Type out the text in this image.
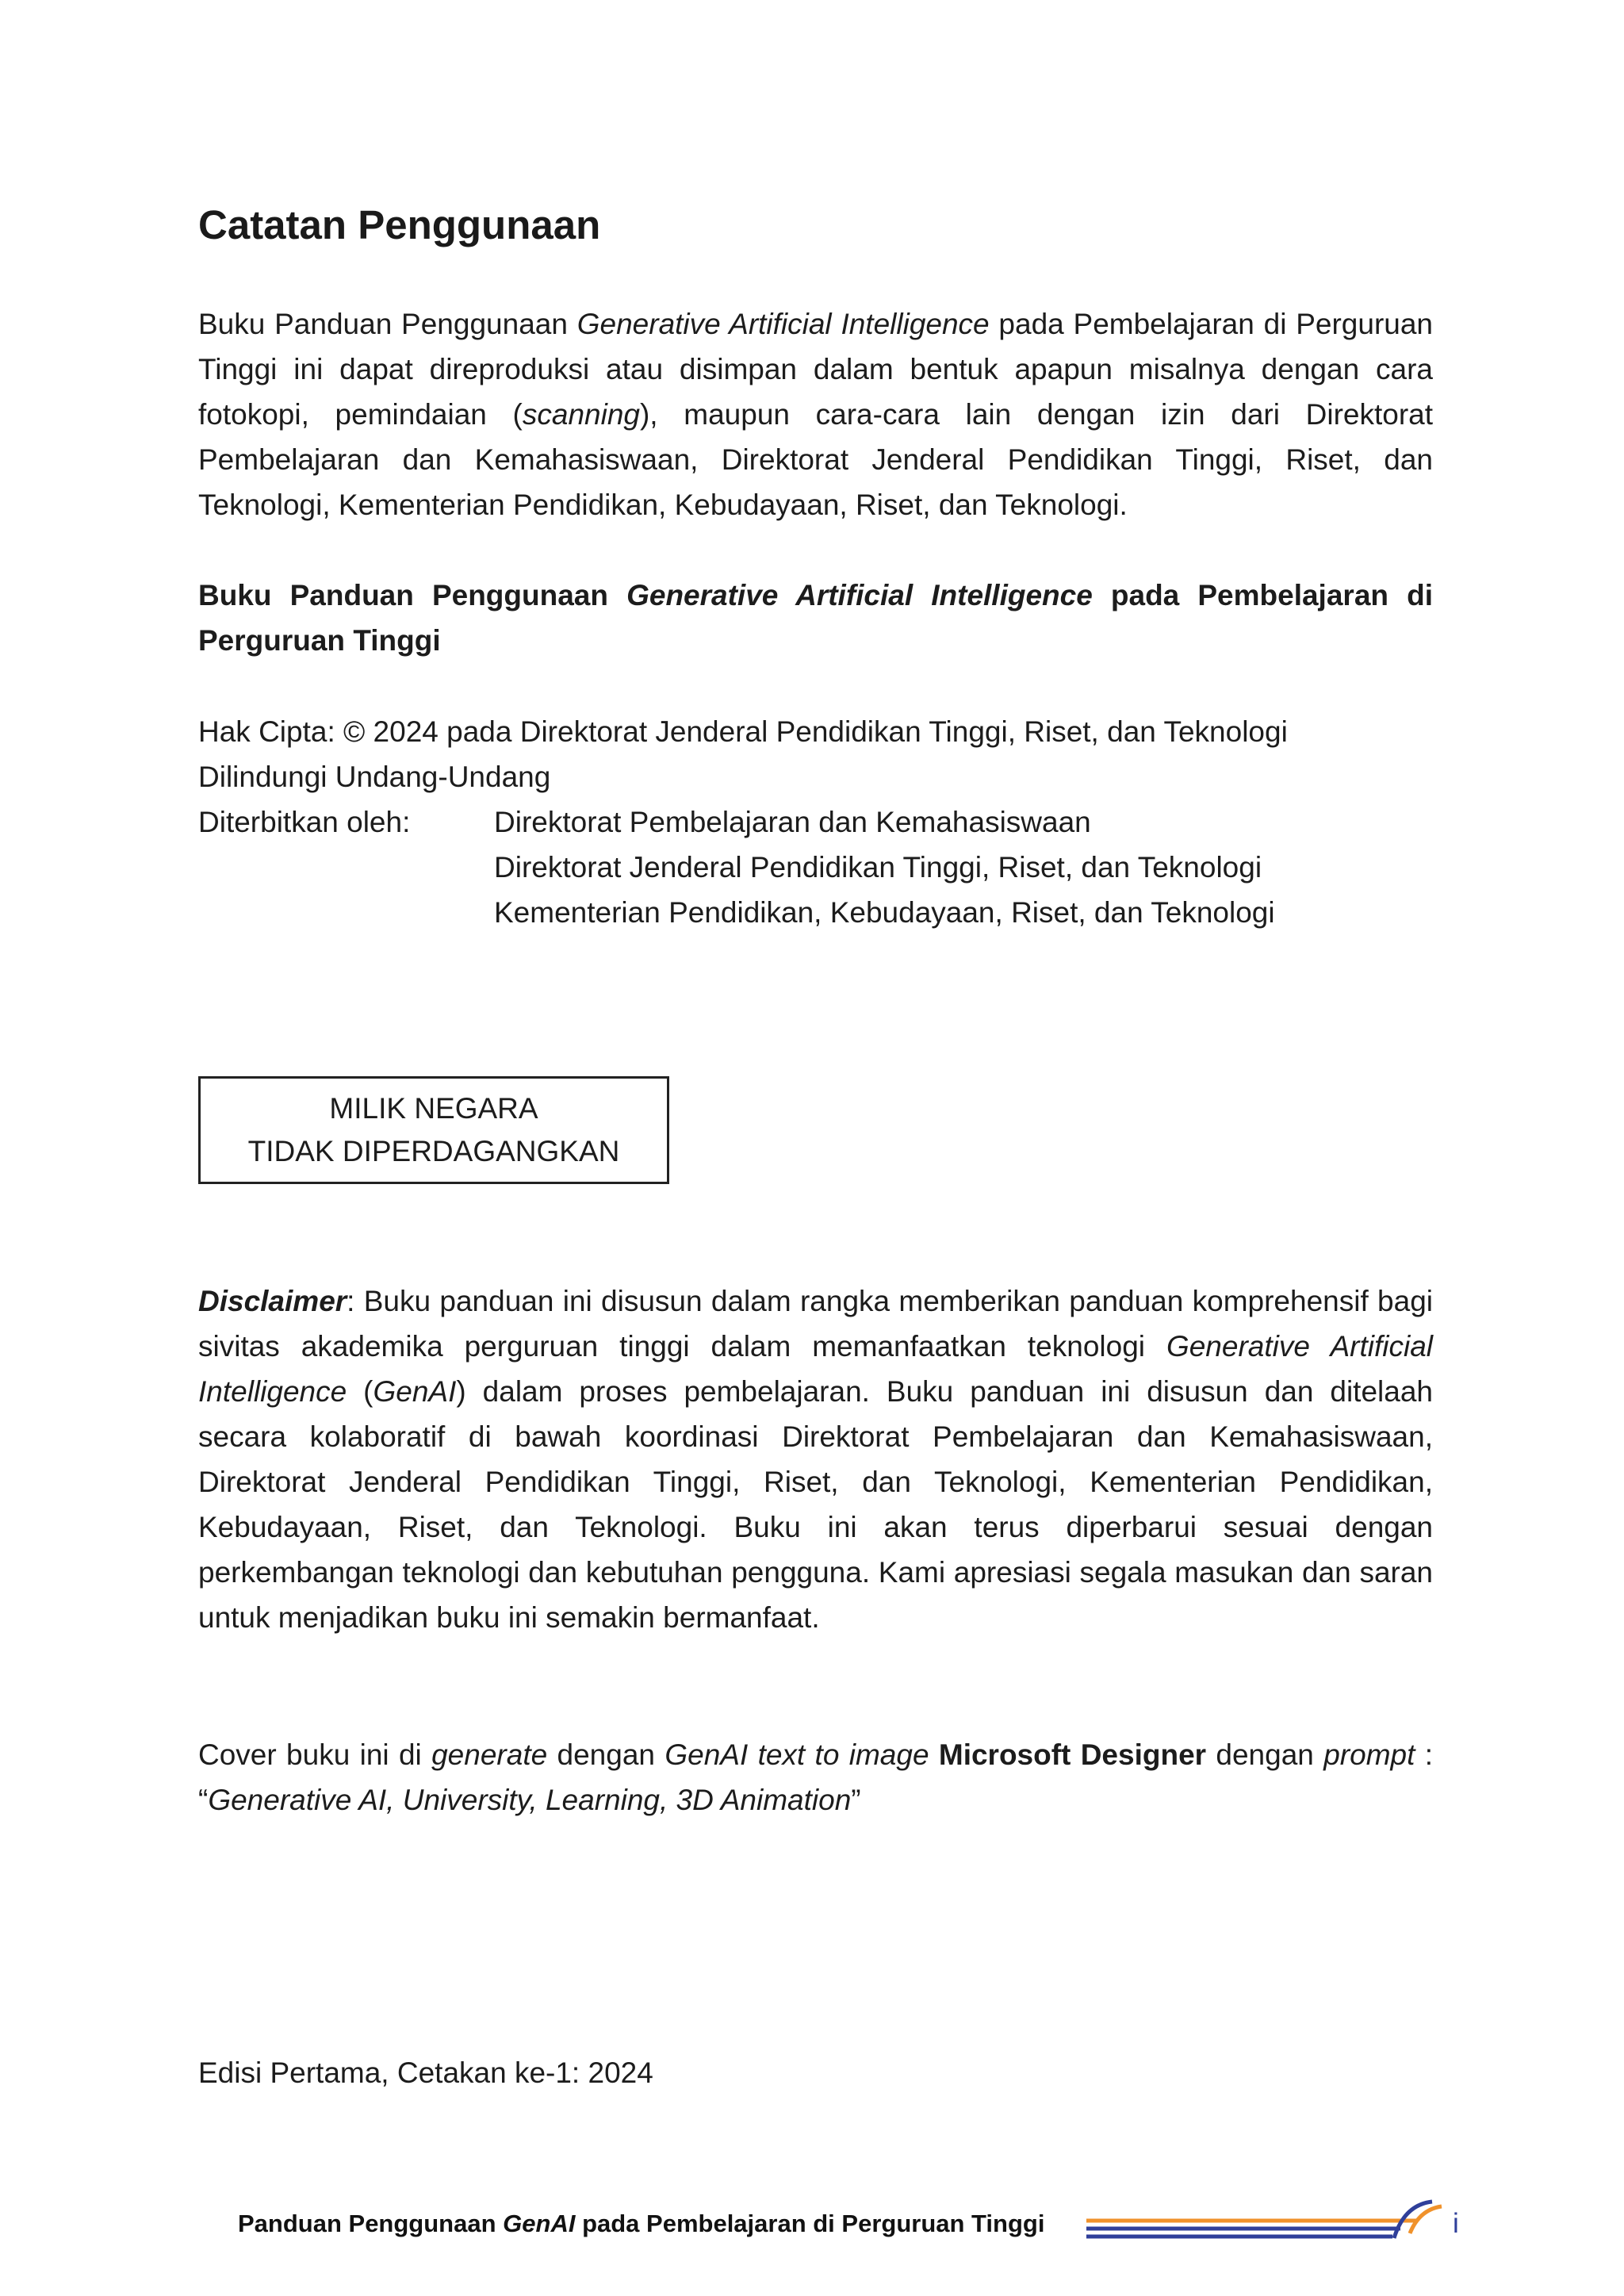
Catatan Penggunaan

Buku Panduan Penggunaan Generative Artificial Intelligence pada Pembelajaran di Perguruan Tinggi ini dapat direproduksi atau disimpan dalam bentuk apapun misalnya dengan cara fotokopi, pemindaian (scanning), maupun cara-cara lain dengan izin dari Direktorat Pembelajaran dan Kemahasiswaan, Direktorat Jenderal Pendidikan Tinggi, Riset, dan Teknologi, Kementerian Pendidikan, Kebudayaan, Riset, dan Teknologi.

Buku Panduan Penggunaan Generative Artificial Intelligence pada Pembelajaran di Perguruan Tinggi

Hak Cipta: © 2024 pada Direktorat Jenderal Pendidikan Tinggi, Riset, dan Teknologi
Dilindungi Undang-Undang
Diterbitkan oleh:	Direktorat Pembelajaran dan Kemahasiswaan
Direktorat Jenderal Pendidikan Tinggi, Riset, dan Teknologi
Kementerian Pendidikan, Kebudayaan, Riset, dan Teknologi
MILIK NEGARA
TIDAK DIPERDAGANGKAN

Disclaimer: Buku panduan ini disusun dalam rangka memberikan panduan komprehensif bagi sivitas akademika perguruan tinggi dalam memanfaatkan teknologi Generative Artificial Intelligence (GenAI) dalam proses pembelajaran. Buku panduan ini disusun dan ditelaah secara kolaboratif di bawah koordinasi Direktorat Pembelajaran dan Kemahasiswaan, Direktorat Jenderal Pendidikan Tinggi, Riset, dan Teknologi, Kementerian Pendidikan, Kebudayaan, Riset, dan Teknologi. Buku ini akan terus diperbarui sesuai dengan perkembangan teknologi dan kebutuhan pengguna. Kami apresiasi segala masukan dan saran untuk menjadikan buku ini semakin bermanfaat.

Cover buku ini di generate dengan GenAI text to image Microsoft Designer dengan prompt : “Generative AI, University, Learning, 3D Animation”

Edisi Pertama, Cetakan ke-1: 2024

Panduan Penggunaan GenAI pada Pembelajaran di Perguruan Tinggi	i
